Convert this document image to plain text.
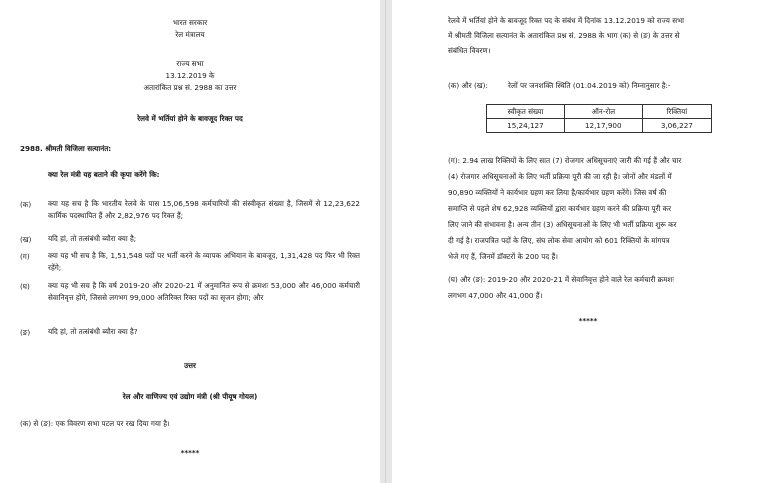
भारत सरकार
रेल मंत्रालय
राज्य सभा
13.12.2019 के
अतारांकित प्रश्न सं. 2988 का उत्तर
रेलवे में भर्तियां होने के बावजूद रिक्त पद
2988. श्रीमती विजिला सत्यानंत:
क्या रेल मंत्री यह बताने की कृपा करेंगे कि:
(क) क्या यह सच है कि भारतीय रेलवे के पास 15,06,598 कर्मचारियों की संस्वीकृत संख्या है, जिसमें से 12,23,622 कार्मिक पदस्थापित हैं और 2,82,976 पद रिक्त हैं;
(ख) यदि हां, तो तत्संबंधी ब्यौरा क्या है;
(ग)	क्या यह भी सच है कि, 1,51,548 पदों पर भर्ती करने के व्यापक अभियान के बावजूद, 1,31,428 पद फिर भी रिक्त रहेंगे;
(घ)	क्या यह भी सच है कि वर्ष 2019-20 और 2020-21 में अनुमानित रूप से क्रमशः 53,000 और 46,000 कर्मचारी सेवानिवृत्त होंगे, जिससे लगभग 99,000 अतिरिक्त रिक्त पदों का सृजन होगा; और
(ङ) यदि हां, तो तत्संबंधी ब्यौरा क्या है?
उत्तर
रेल और वाणिज्य एवं उद्योग मंत्री (श्री पीयूष गोयल)
(क) से (ङ): एक विवरण सभा पटल पर रख दिया गया है।
*****
रेलवे में भर्तियां होने के बावजूद रिक्त पद के संबंध में दिनांक 13.12.2019 को राज्य सभा
में श्रीमती विजिला सत्यानंत के अतारांकित प्रश्न सं. 2988 के भाग (क) से (ङ) के उत्तर से
संबंधित विवरण।
(क) और (ख):	रेलों पर जनशक्ति स्थिति (01.04.2019 को) निम्नानुसार है:-
स्वीकृत संख्या	ऑन-रोल	रिक्तियां
15,24,127	12,17,900	3,06,227
(ग): 2.94 लाख रिक्तियों के लिए सात (7) रोजगार अधिसूचनाएं जारी की गई हैं और चार
(4) रोजगार अधिसूचनाओं के लिए भर्ती प्रक्रिया पूरी की जा रही है। जोनों और मंडलों में
90,890 व्यक्तियों ने कार्यभार ग्रहण कर लिया है/कार्यभार ग्रहण करेंगे। जिस वर्ष की
समाप्ति से पहले शेष 62,928 व्यक्तियों द्वारा कार्यभार ग्रहण करने की प्रक्रिया पूरी कर
लिए जाने की संभावना है। अन्य तीन (3) अधिसूचनाओं के लिए भी भर्ती प्रक्रिया शुरू कर
दी गई है। राजपत्रित पदों के लिए, संघ लोक सेवा आयोग को 601 रिक्तियों के मांगपत्र
भेजे गए हैं, जिनमें डॉक्टरों के 200 पद हैं।
(घ) और (ङ): 2019-20 और 2020-21 में सेवानिवृत्त होने वाले रेल कर्मचारी क्रमशः
लगभग 47,000 और 41,000 हैं।
*****
